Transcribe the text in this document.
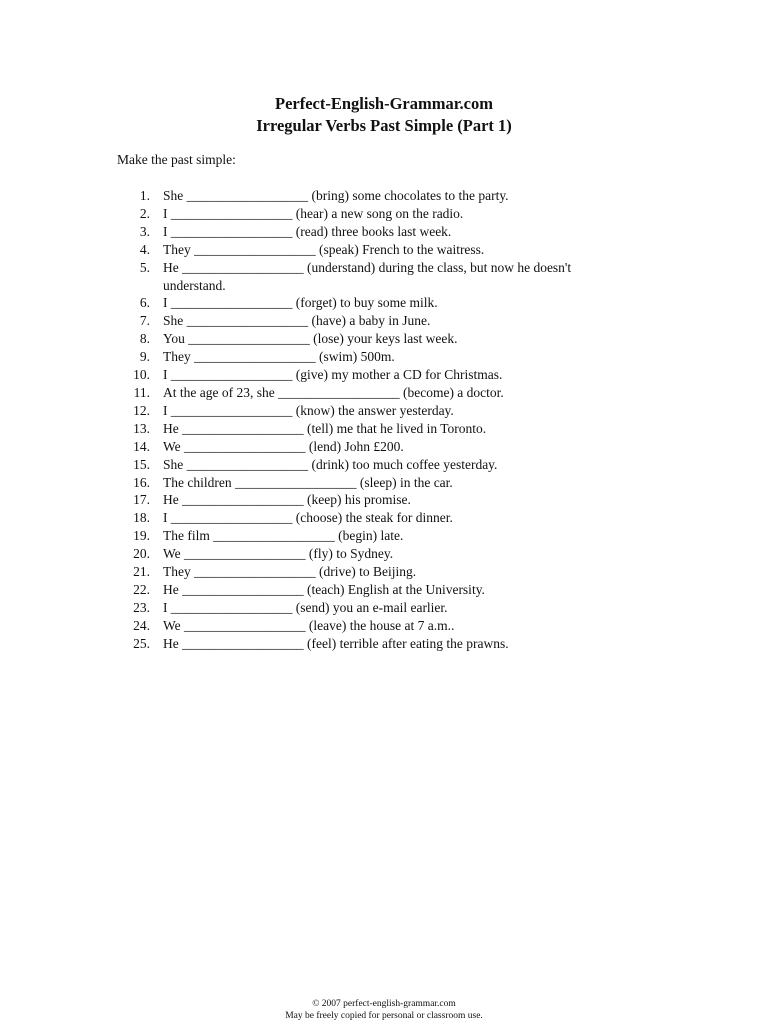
Perfect-English-Grammar.com
Irregular Verbs Past Simple (Part 1)
Make the past simple:
1. She __________________ (bring) some chocolates to the party.
2. I __________________ (hear) a new song on the radio.
3. I __________________ (read) three books last week.
4. They __________________ (speak) French to the waitress.
5. He __________________ (understand) during the class, but now he doesn't understand.
6. I __________________ (forget) to buy some milk.
7. She __________________ (have) a baby in June.
8. You __________________ (lose) your keys last week.
9. They __________________ (swim) 500m.
10. I __________________ (give) my mother a CD for Christmas.
11. At the age of 23, she __________________ (become) a doctor.
12. I __________________ (know) the answer yesterday.
13. He __________________ (tell) me that he lived in Toronto.
14. We __________________ (lend) John £200.
15. She __________________ (drink) too much coffee yesterday.
16. The children __________________ (sleep) in the car.
17. He __________________ (keep) his promise.
18. I __________________ (choose) the steak for dinner.
19. The film __________________ (begin) late.
20. We __________________ (fly) to Sydney.
21. They __________________ (drive) to Beijing.
22. He __________________ (teach) English at the University.
23. I __________________ (send) you an e-mail earlier.
24. We __________________ (leave) the house at 7 a.m..
25. He __________________ (feel) terrible after eating the prawns.
© 2007 perfect-english-grammar.com
May be freely copied for personal or classroom use.
